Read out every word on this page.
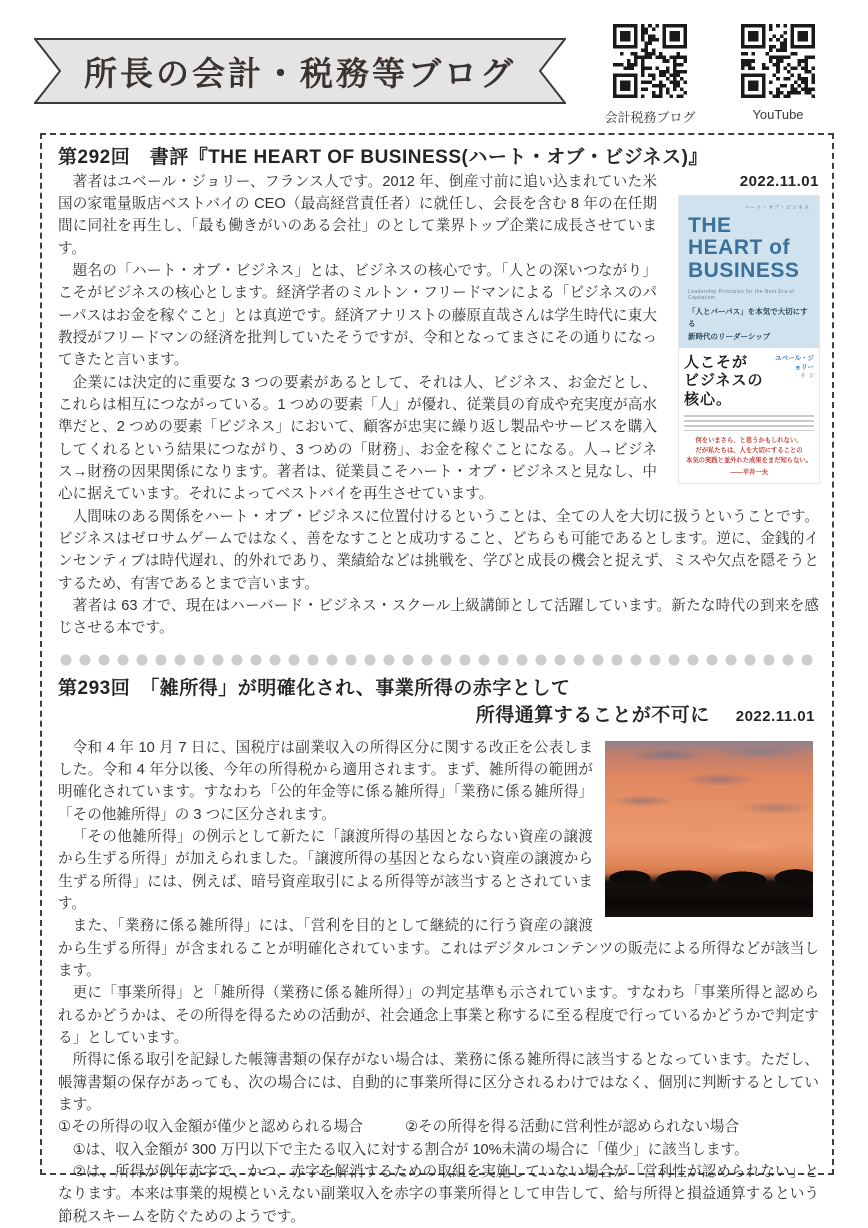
所長の会計・税務等ブログ
会計税務ブログ	YouTube
第292回　書評『THE HEART OF BUSINESS(ハート・オブ・ビジネス)』
2022.11.01
ハート・オブ・ビジネス
THE
HEART of
BUSINESS
Leadership Principles for the Next Era of Capitalism
「人とパーパス」を本気で大切にする
新時代のリーダーシップ
人こそが
ビジネスの核心。
ユベール・ジョリー
著　訳
何をいまさら、と思うかもしれない、
だが私たちは、人を大切にすることの
本気の実践と並外れた成果をまだ知らない。
――平井一夫

著者はユベール・ジョリー、フランス人です。2012 年、倒産寸前に追い込まれていた米国の家電量販店ベストバイの CEO（最高経営責任者）に就任し、会長を含む 8 年の在任期間に同社を再生し、「最も働きがいのある会社」のとして業界トップ企業に成長させています。

題名の「ハート・オブ・ビジネス」とは、ビジネスの核心です。「人との深いつながり」こそがビジネスの核心とします。経済学者のミルトン・フリードマンによる「ビジネスのパーパスはお金を稼ぐこと」とは真逆です。経済アナリストの藤原直哉さんは学生時代に東大教授がフリードマンの経済を批判していたそうですが、令和となってまさにその通りになってきたと言います。

企業には決定的に重要な 3 つの要素があるとして、それは人、ビジネス、お金だとし、これらは相互につながっている。1 つめの要素「人」が優れ、従業員の育成や充実度が高水準だと、2 つめの要素「ビジネス」において、顧客が忠実に繰り返し製品やサービスを購入してくれるという結果につながり、3 つめの「財務」、お金を稼ぐことになる。人→ビジネス→財務の因果関係になります。著者は、従業員こそハート・オブ・ビジネスと見なし、中心に据えています。それによってベストバイを再生させています。

人間味のある関係をハート・オブ・ビジネスに位置付けるということは、全ての人を大切に扱うということです。ビジネスはゼロサムゲームではなく、善をなすことと成功すること、どちらも可能であるとします。逆に、金銭的インセンティブは時代遅れ、的外れであり、業績給などは挑戦を、学びと成長の機会と捉えず、ミスや欠点を隠そうとするため、有害であるとまで言います。

著者は 63 才で、現在はハーバード・ビジネス・スクール上級講師として活躍しています。新たな時代の到来を感じさせる本です。

第293回　「雑所得」が明確化され、事業所得の赤字として
所得通算することが不可に 2022.11.01

令和 4 年 10 月 7 日に、国税庁は副業収入の所得区分に関する改正を公表しました。令和 4 年分以後、今年の所得税から適用されます。まず、雑所得の範囲が明確化されています。すなわち「公的年金等に係る雑所得」「業務に係る雑所得」「その他雑所得」の 3 つに区分されます。

「その他雑所得」の例示として新たに「譲渡所得の基因とならない資産の譲渡から生ずる所得」が加えられました。「譲渡所得の基因とならない資産の譲渡から生ずる所得」には、例えば、暗号資産取引による所得等が該当するとされています。

また、「業務に係る雑所得」には、「営利を目的として継続的に行う資産の譲渡から生ずる所得」が含まれることが明確化されています。これはデジタルコンテンツの販売による所得などが該当します。

更に「事業所得」と「雑所得（業務に係る雑所得）」の判定基準も示されています。すなわち「事業所得と認められるかどうかは、その所得を得るための活動が、社会通念上事業と称するに至る程度で行っているかどうかで判定する」としています。

所得に係る取引を記録した帳簿書類の保存がない場合は、業務に係る雑所得に該当するとなっています。ただし、帳簿書類の保存があっても、次の場合には、自動的に事業所得に区分されるわけではなく、個別に判断するとしています。

①その所得の収入金額が僅少と認められる場合	②その所得を得る活動に営利性が認められない場合

①は、収入金額が 300 万円以下で主たる収入に対する割合が 10%未満の場合に「僅少」に該当します。

②は、所得が例年赤字で、かつ、赤字を解消するための取組を実施していない場合が「営利性が認められない」となります。本来は事業的規模といえない副業収入を赤字の事業所得として申告して、給与所得と損益通算するという節税スキームを防ぐためのようです。
